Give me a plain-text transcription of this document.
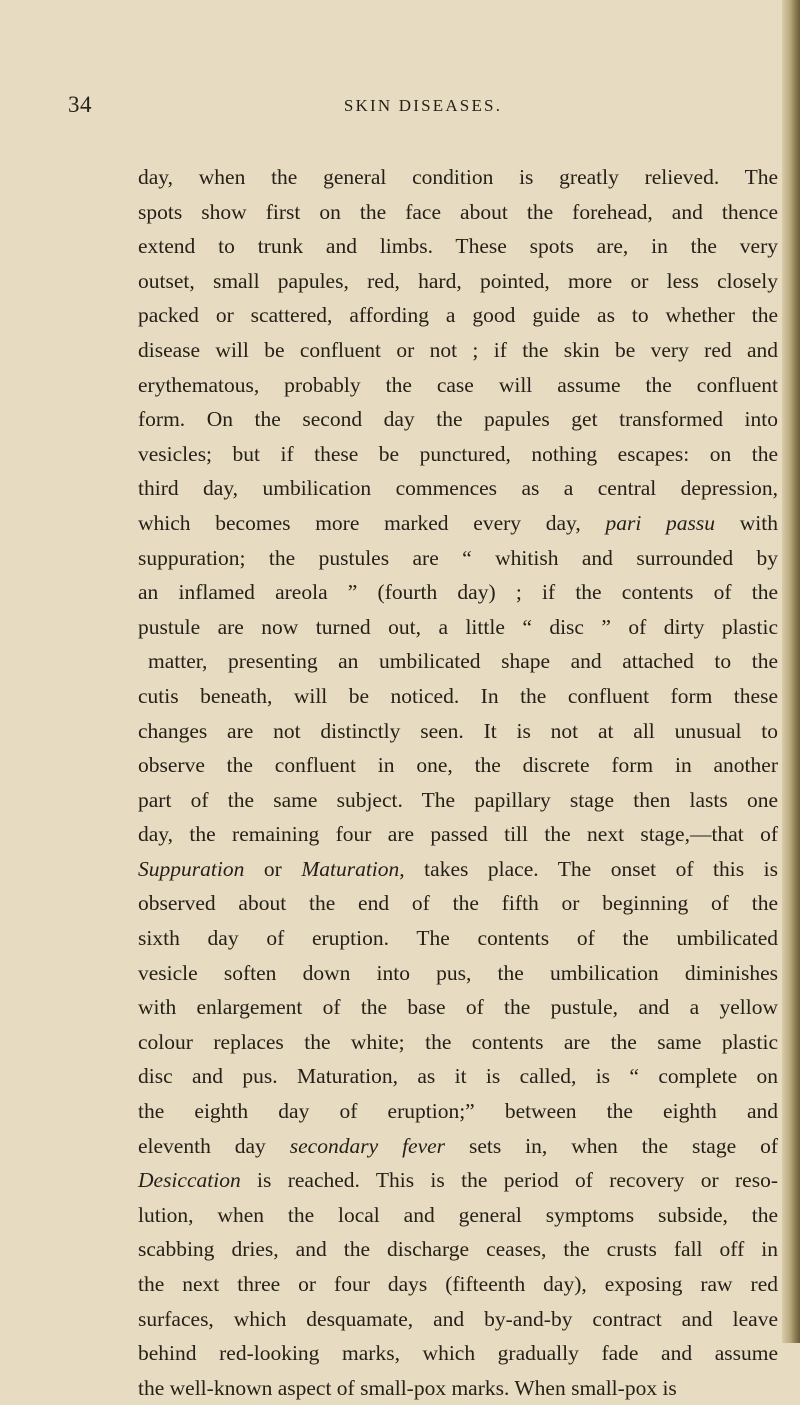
34	SKIN DISEASES.
day, when the general condition is greatly relieved. The
spots show first on the face about the forehead, and thence
extend to trunk and limbs. These spots are, in the very
outset, small papules, red, hard, pointed, more or less closely
packed or scattered, affording a good guide as to whether the
disease will be confluent or not ; if the skin be very red and
erythematous, probably the case will assume the confluent
form. On the second day the papules get transformed into
vesicles; but if these be punctured, nothing escapes: on the
third day, umbilication commences as a central depression,
which becomes more marked every day, pari passu with
suppuration; the pustules are “ whitish and surrounded by
an inflamed areola ” (fourth day) ; if the contents of the
pustule are now turned out, a little “ disc ” of dirty plastic
matter, presenting an umbilicated shape and attached to the
cutis beneath, will be noticed. In the confluent form these
changes are not distinctly seen. It is not at all unusual to
observe the confluent in one, the discrete form in another
part of the same subject. The papillary stage then lasts one
day, the remaining four are passed till the next stage,—that of
Suppuration or Maturation, takes place. The onset of this is
observed about the end of the fifth or beginning of the
sixth day of eruption. The contents of the umbilicated
vesicle soften down into pus, the umbilication diminishes
with enlargement of the base of the pustule, and a yellow
colour replaces the white; the contents are the same plastic
disc and pus. Maturation, as it is called, is “ complete on
the eighth day of eruption;” between the eighth and
eleventh day secondary fever sets in, when the stage of
Desiccation is reached. This is the period of recovery or reso-
lution, when the local and general symptoms subside, the
scabbing dries, and the discharge ceases, the crusts fall off in
the next three or four days (fifteenth day), exposing raw red
surfaces, which desquamate, and by-and-by contract and leave
behind red-looking marks, which gradually fade and assume
the well-known aspect of small-pox marks. When small-pox is
